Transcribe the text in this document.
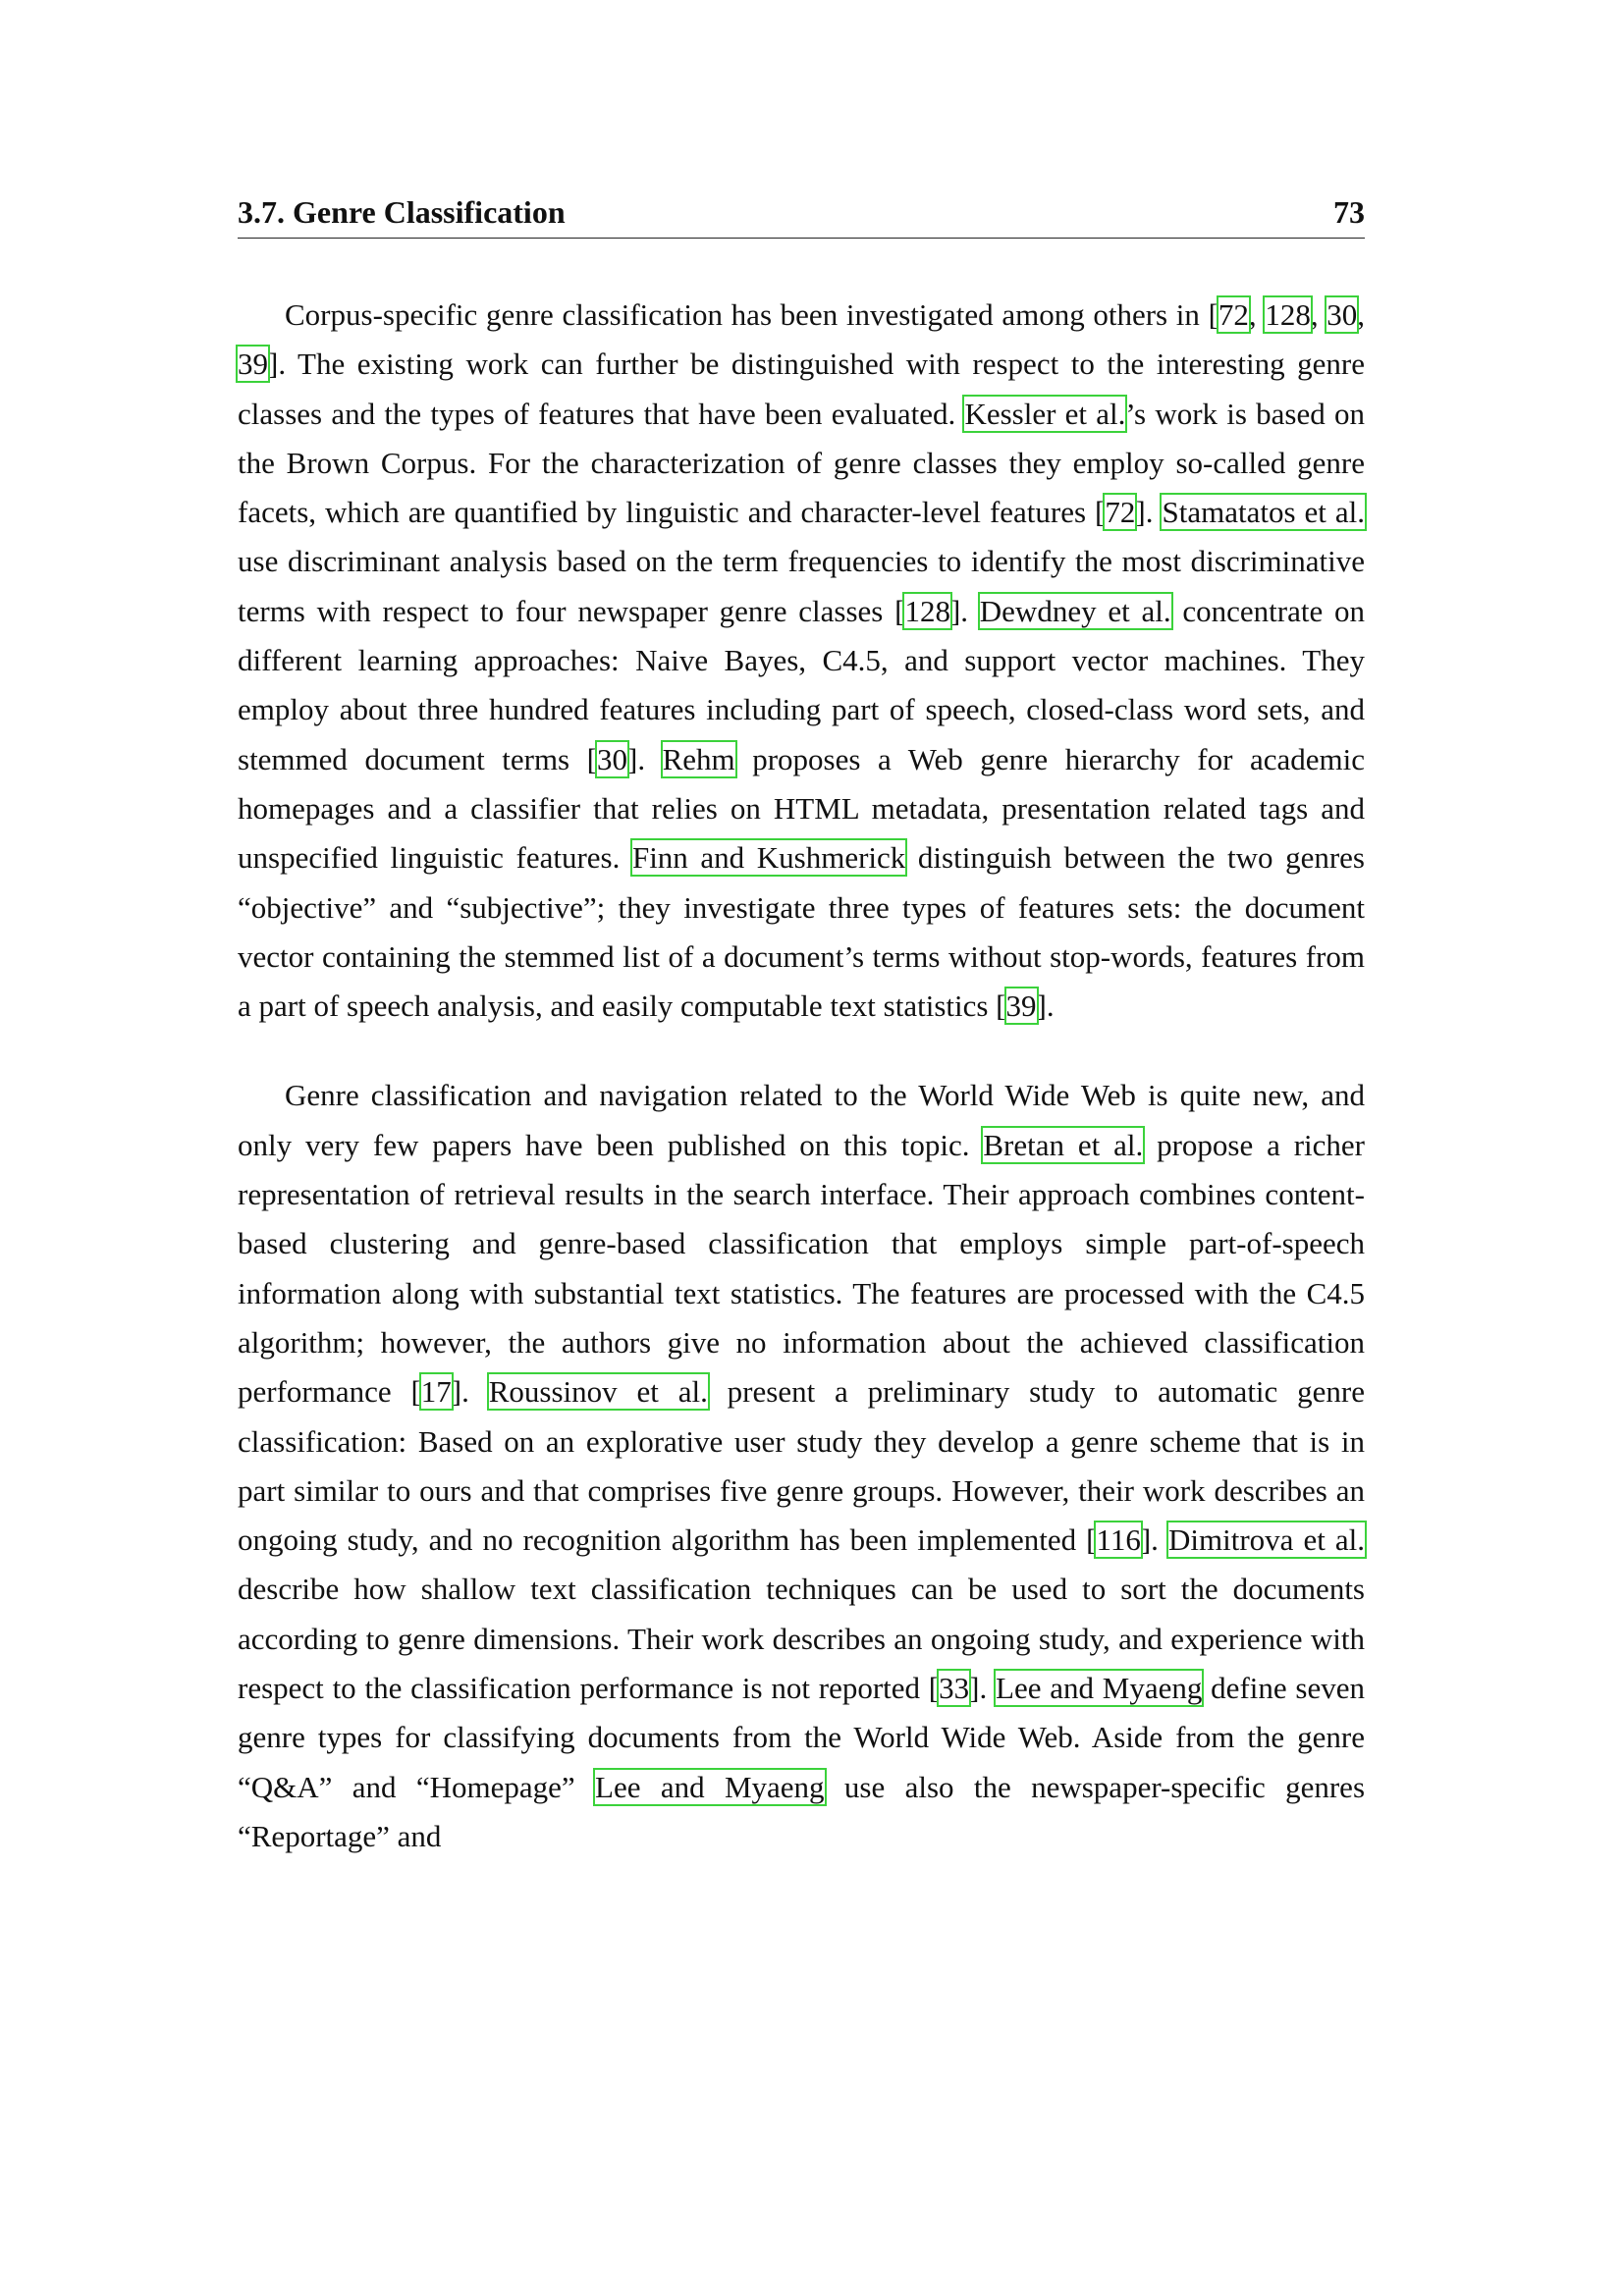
3.7. Genre Classification	73

Corpus-specific genre classification has been investigated among others in [72, 128, 30, 39]. The existing work can further be distinguished with respect to the interesting genre classes and the types of features that have been evaluated. Kessler et al.’s work is based on the Brown Corpus. For the characterization of genre classes they employ so-called genre facets, which are quantified by linguistic and character-level features [72]. Stamatatos et al. use discriminant analysis based on the term frequencies to identify the most discriminative terms with respect to four newspaper genre classes [128]. Dewdney et al. concentrate on different learning approaches: Naive Bayes, C4.5, and support vector machines. They employ about three hundred features including part of speech, closed-class word sets, and stemmed document terms [30]. Rehm proposes a Web genre hierarchy for academic homepages and a classifier that relies on HTML metadata, presentation related tags and unspecified linguistic features. Finn and Kushmerick distinguish between the two genres “objective” and “subjective”; they investigate three types of features sets: the document vector containing the stemmed list of a document’s terms without stop-words, features from a part of speech analysis, and easily computable text statistics [39].

Genre classification and navigation related to the World Wide Web is quite new, and only very few papers have been published on this topic. Bretan et al. propose a richer representation of retrieval results in the search interface. Their approach combines content-based clustering and genre-based classification that employs simple part-of-speech information along with substantial text statistics. The features are processed with the C4.5 algorithm; however, the authors give no information about the achieved classification performance [17]. Roussinov et al. present a preliminary study to automatic genre classification: Based on an explorative user study they develop a genre scheme that is in part similar to ours and that comprises five genre groups. However, their work describes an ongoing study, and no recognition algorithm has been implemented [116]. Dimitrova et al. describe how shallow text classification techniques can be used to sort the documents according to genre dimensions. Their work describes an ongoing study, and experience with respect to the classification performance is not reported [33]. Lee and Myaeng define seven genre types for classifying documents from the World Wide Web. Aside from the genre “Q&A” and “Homepage” Lee and Myaeng use also the newspaper-specific genres “Reportage” and
